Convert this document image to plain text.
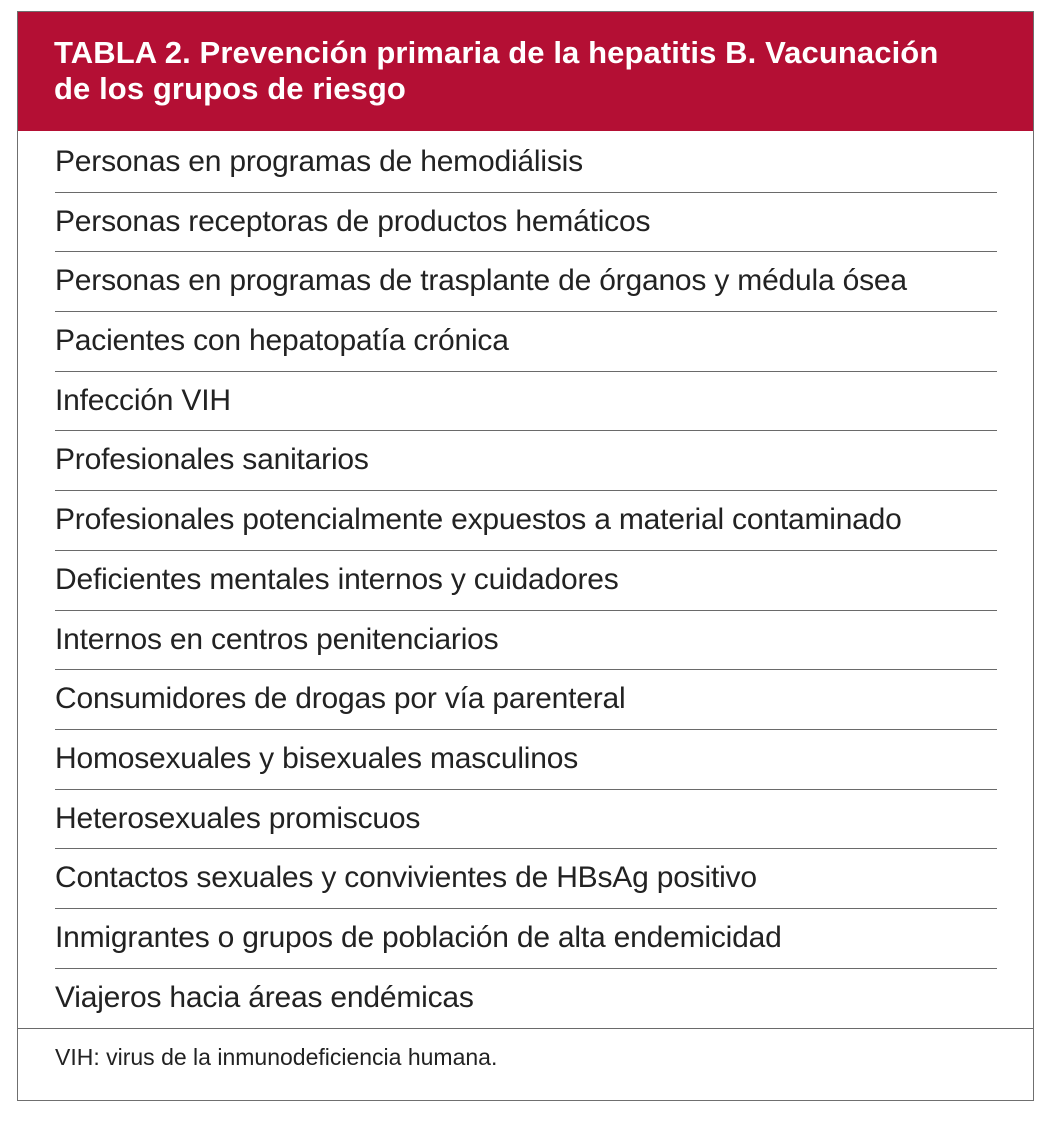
TABLA 2. Prevención primaria de la hepatitis B. Vacunación
de los grupos de riesgo
Personas en programas de hemodiálisis
Personas receptoras de productos hemáticos
Personas en programas de trasplante de órganos y médula ósea
Pacientes con hepatopatía crónica
Infección VIH
Profesionales sanitarios
Profesionales potencialmente expuestos a material contaminado
Deficientes mentales internos y cuidadores
Internos en centros penitenciarios
Consumidores de drogas por vía parenteral
Homosexuales y bisexuales masculinos
Heterosexuales promiscuos
Contactos sexuales y convivientes de HBsAg positivo
Inmigrantes o grupos de población de alta endemicidad
Viajeros hacia áreas endémicas

VIH: virus de la inmunodeficiencia humana.
